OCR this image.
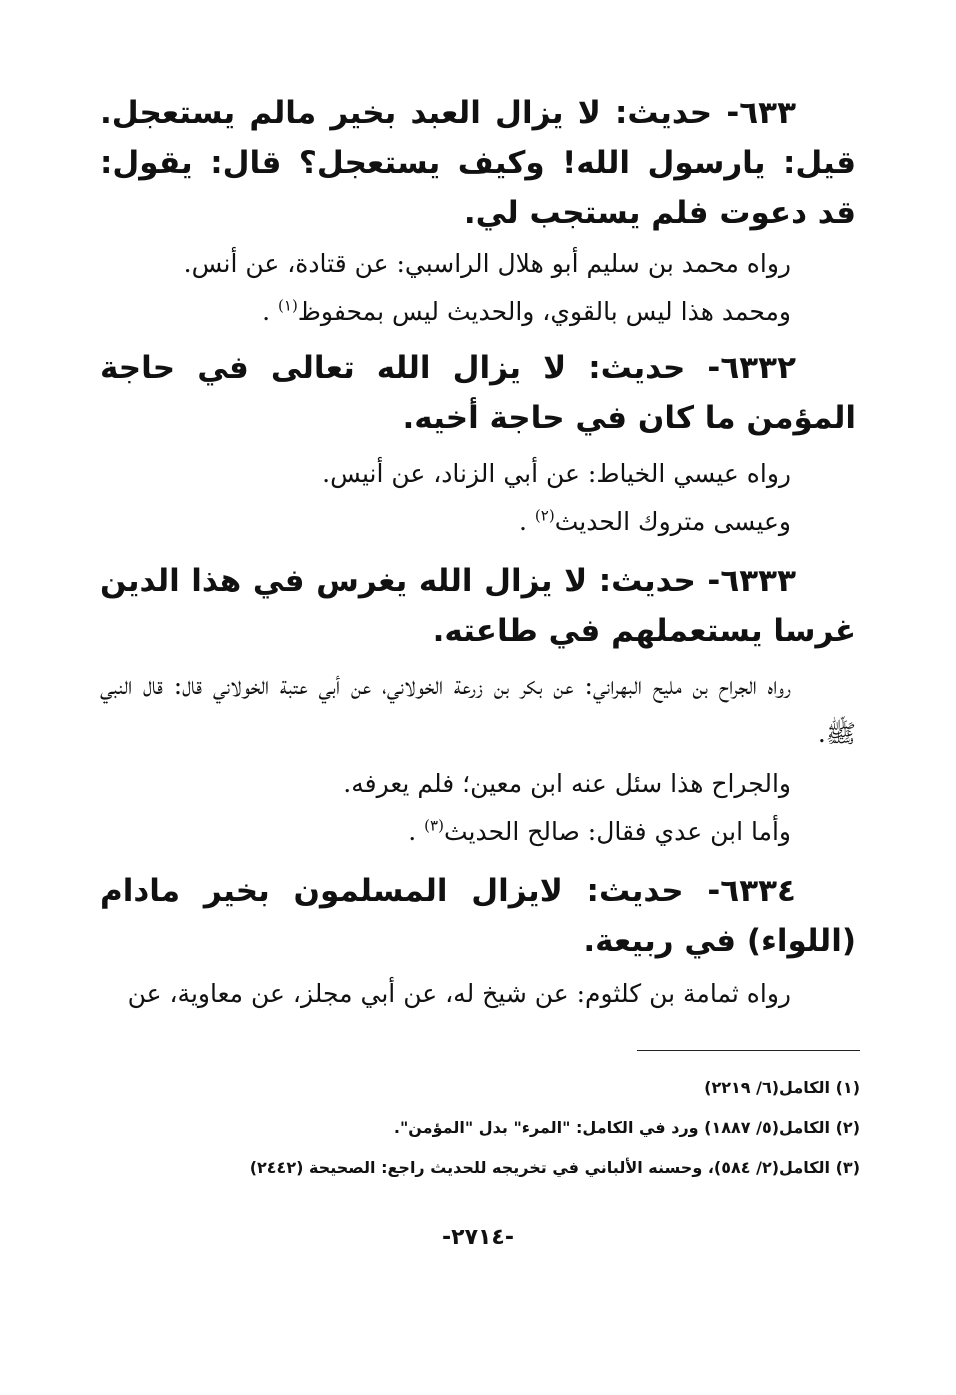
٦٣٣- حديث: لا يزال العبد بخير مالم يستعجل. قيل: يارسول الله! وكيف يستعجل؟ قال: يقول: قد دعوت فلم يستجب لي.

رواه محمد بن سليم أبو هلال الراسبي: عن قتادة، عن أنس.
ومحمد هذا ليس بالقوي، والحديث ليس بمحفوظ$^{(١)}$ .

٦٣٣٢- حديث: لا يزال الله تعالى في حاجة المؤمن ما كان في حاجة أخيه.

رواه عيسي الخياط: عن أبي الزناد، عن أنيس.
وعيسى متروك الحديث$^{(٢)}$ .

٦٣٣٣- حديث: لا يزال الله يغرس في هذا الدين غرسا يستعملهم في طاعته.

رواه الجراح بن مليح البهراني: عن بكر بن زرعة الخولاني، عن أبي عتبة الخولاني قال: قال النبي ﷺ.
والجراح هذا سئل عنه ابن معين؛ فلم يعرفه.
وأما ابن عدي فقال: صالح الحديث$^{(٣)}$ .

٦٣٣٤- حديث: لايزال المسلمون بخير مادام (اللواء) في ربيعة.

رواه ثمامة بن كلثوم: عن شيخ له، عن أبي مجلز، عن معاوية، عن
(١) الكامل(٦/ ٢٢١٩)
(٢) الكامل(٥/ ١٨٨٧) ورد في الكامل: "المرء" بدل "المؤمن".
(٣) الكامل(٢/ ٥٨٤)، وحسنه الألباني في تخريجه للحديث راجع: الصحيحة (٢٤٤٢)
-٢٧١٤-
